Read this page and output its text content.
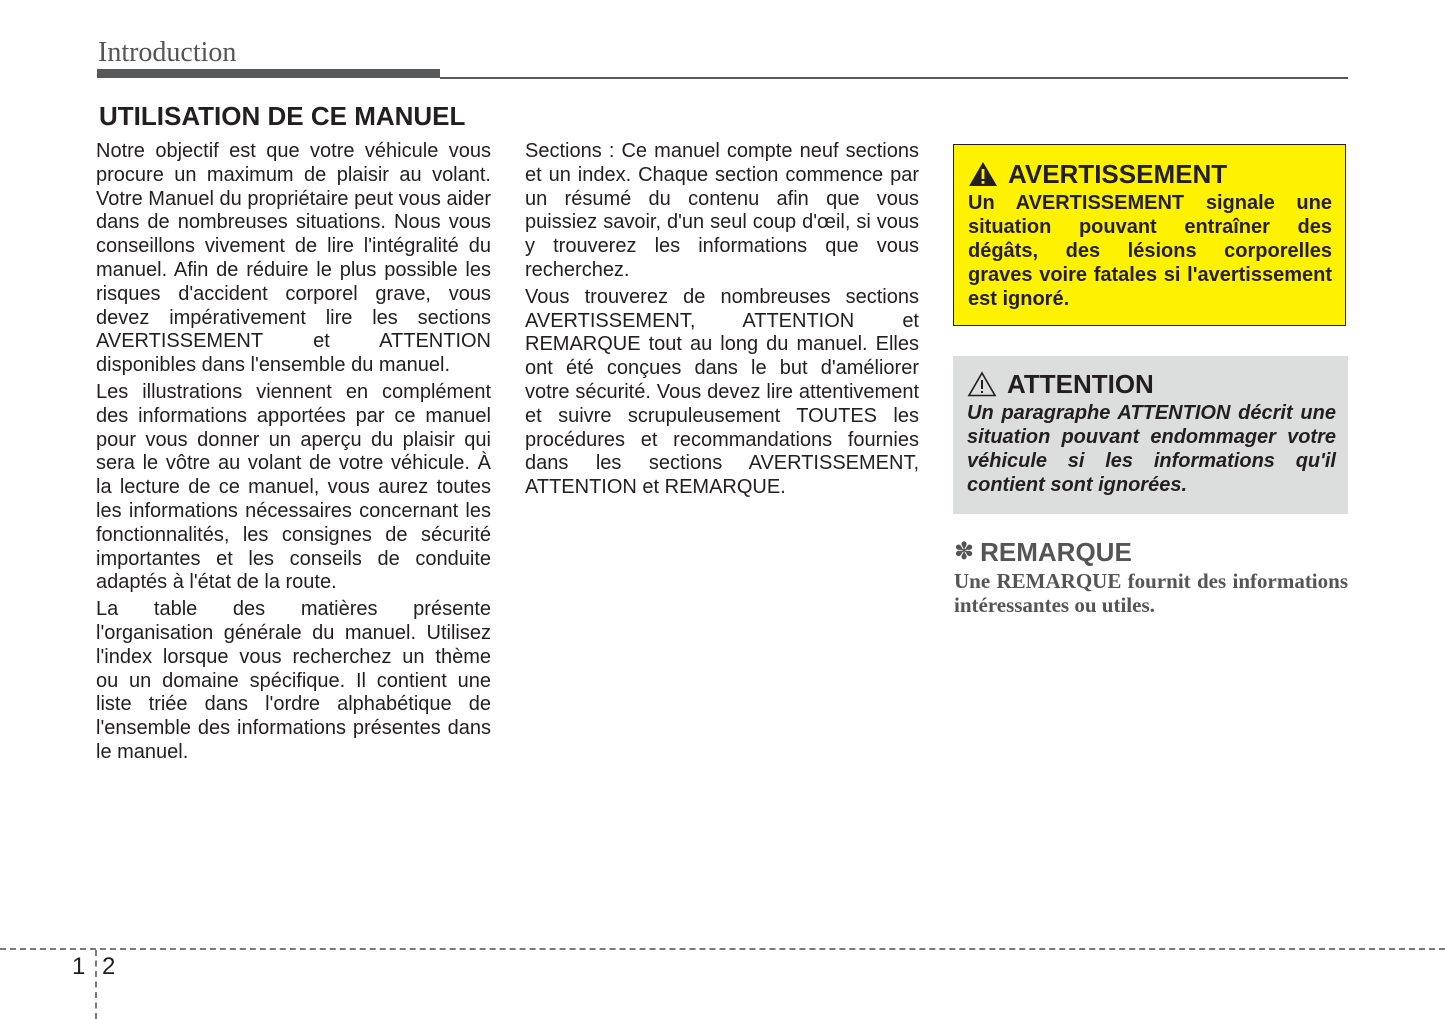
Introduction
UTILISATION DE CE MANUEL

Notre objectif est que votre véhicule vous procure un maximum de plaisir au volant. Votre Manuel du propriétaire peut vous aider dans de nombreuses situations. Nous vous conseillons vivement de lire l'intégralité du manuel. Afin de réduire le plus possible les risques d'accident corporel grave, vous devez impérativement lire les sections AVERTISSEMENT et ATTENTION disponibles dans l'ensemble du manuel.

Les illustrations viennent en complément des informations apportées par ce manuel pour vous donner un aperçu du plaisir qui sera le vôtre au volant de votre véhicule. À la lecture de ce manuel, vous aurez toutes les informations nécessaires concernant les fonctionnalités, les consignes de sécurité importantes et les conseils de conduite adaptés à l'état de la route.

La table des matières présente l'organisation générale du manuel. Utilisez l'index lorsque vous recherchez un thème ou un domaine spécifique. Il contient une liste triée dans l'ordre alphabétique de l'ensemble des informations présentes dans le manuel.

Sections : Ce manuel compte neuf sections et un index. Chaque section commence par un résumé du contenu afin que vous puissiez savoir, d'un seul coup d'œil, si vous y trouverez les informations que vous recherchez.

Vous trouverez de nombreuses sections AVERTISSEMENT, ATTENTION et REMARQUE tout au long du manuel. Elles ont été conçues dans le but d'améliorer votre sécurité. Vous devez lire attentivement et suivre scrupuleusement TOUTES les procédures et recommandations fournies dans les sections AVERTISSEMENT, ATTENTION et REMARQUE.

AVERTISSEMENT

Un AVERTISSEMENT signale une situation pouvant entraîner des dégâts, des lésions corporelles graves voire fatales si l'avertissement est ignoré.

ATTENTION

Un paragraphe ATTENTION décrit une situation pouvant endommager votre véhicule si les informations qu'il contient sont ignorées.

✽ REMARQUE

Une REMARQUE fournit des informations intéressantes ou utiles.

1 2
